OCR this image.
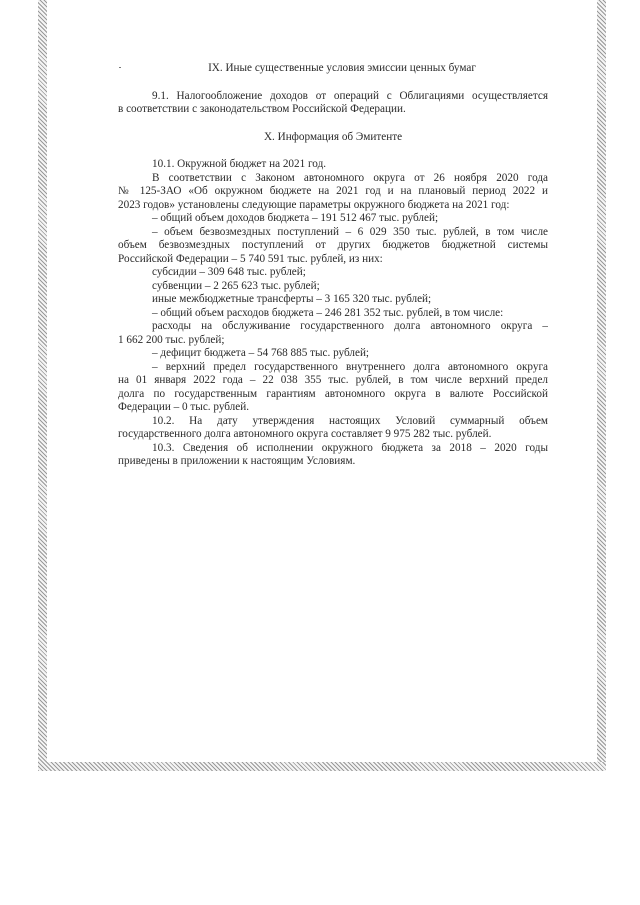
IX. Иные существенные условия эмиссии ценных бумаг
9.1. Налогообложение доходов от операций с Облигациями осуществляется
в соответствии с законодательством Российской Федерации.
X. Информация об Эмитенте
10.1. Окружной бюджет на 2021 год.
В соответствии с Законом автономного округа от 26 ноября 2020 года
№ 125-ЗАО «Об окружном бюджете на 2021 год и на плановый период 2022 и
2023 годов» установлены следующие параметры окружного бюджета на 2021 год:
– общий объем доходов бюджета – 191 512 467 тыс. рублей;
– объем безвозмездных поступлений – 6 029 350 тыс. рублей, в том числе
объем безвозмездных поступлений от других бюджетов бюджетной системы
Российской Федерации – 5 740 591 тыс. рублей, из них:
субсидии – 309 648 тыс. рублей;
субвенции – 2 265 623 тыс. рублей;
иные межбюджетные трансферты – 3 165 320 тыс. рублей;
– общий объем расходов бюджета – 246 281 352 тыс. рублей, в том числе:
расходы на обслуживание государственного долга автономного округа –
1 662 200 тыс. рублей;
– дефицит бюджета – 54 768 885 тыс. рублей;
– верхний предел государственного внутреннего долга автономного округа
на 01 января 2022 года – 22 038 355 тыс. рублей, в том числе верхний предел
долга по государственным гарантиям автономного округа в валюте Российской
Федерации – 0 тыс. рублей.
10.2. На дату утверждения настоящих Условий суммарный объем
государственного долга автономного округа составляет 9 975 282 тыс. рублей.
10.3. Сведения об исполнении окружного бюджета за 2018 – 2020 годы
приведены в приложении к настоящим Условиям.
